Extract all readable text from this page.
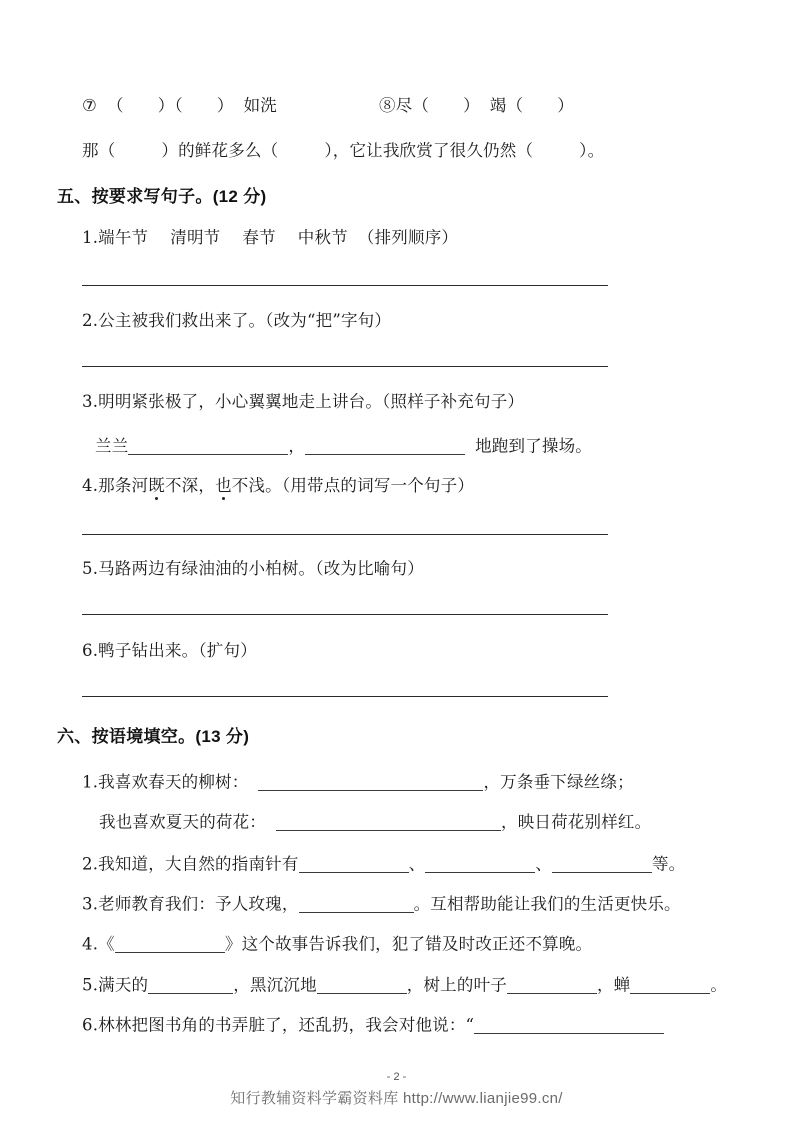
⑦ （ ）（ ） 如洗	⑧尽（ ） 竭（ ）
那（	）的鲜花多么（	），它让我欣赏了很久仍然（	）。
五、按要求写句子。(12 分)
1.端午节 清明节 春节 中秋节 （排列顺序）
2.公主被我们救出来了。（改为“把”字句）
3.明明紧张极了，小心翼翼地走上讲台。（照样子补充句子）
兰兰	，	地跑到了操场。
4.那条河既不深，也不浅。（用带点的词写一个句子）
5.马路两边有绿油油的小柏树。（改为比喻句）
6.鸭子钻出来。（扩句）
六、按语境填空。(13 分)
1.我喜欢春天的柳树：	，万条垂下绿丝绦；
我也喜欢夏天的荷花：	，映日荷花别样红。
2.我知道，大自然的指南针有	、	、	等。
3.老师教育我们：予人玫瑰，	。互相帮助能让我们的生活更快乐。
4.《	》这个故事告诉我们，犯了错及时改正还不算晚。
5.满天的	，黑沉沉地	，树上的叶子	，蝉	。
6.林林把图书角的书弄脏了，还乱扔，我会对他说：“
- 2 -
知行教辅资料学霸资料库 http://www.lianjie99.cn/
